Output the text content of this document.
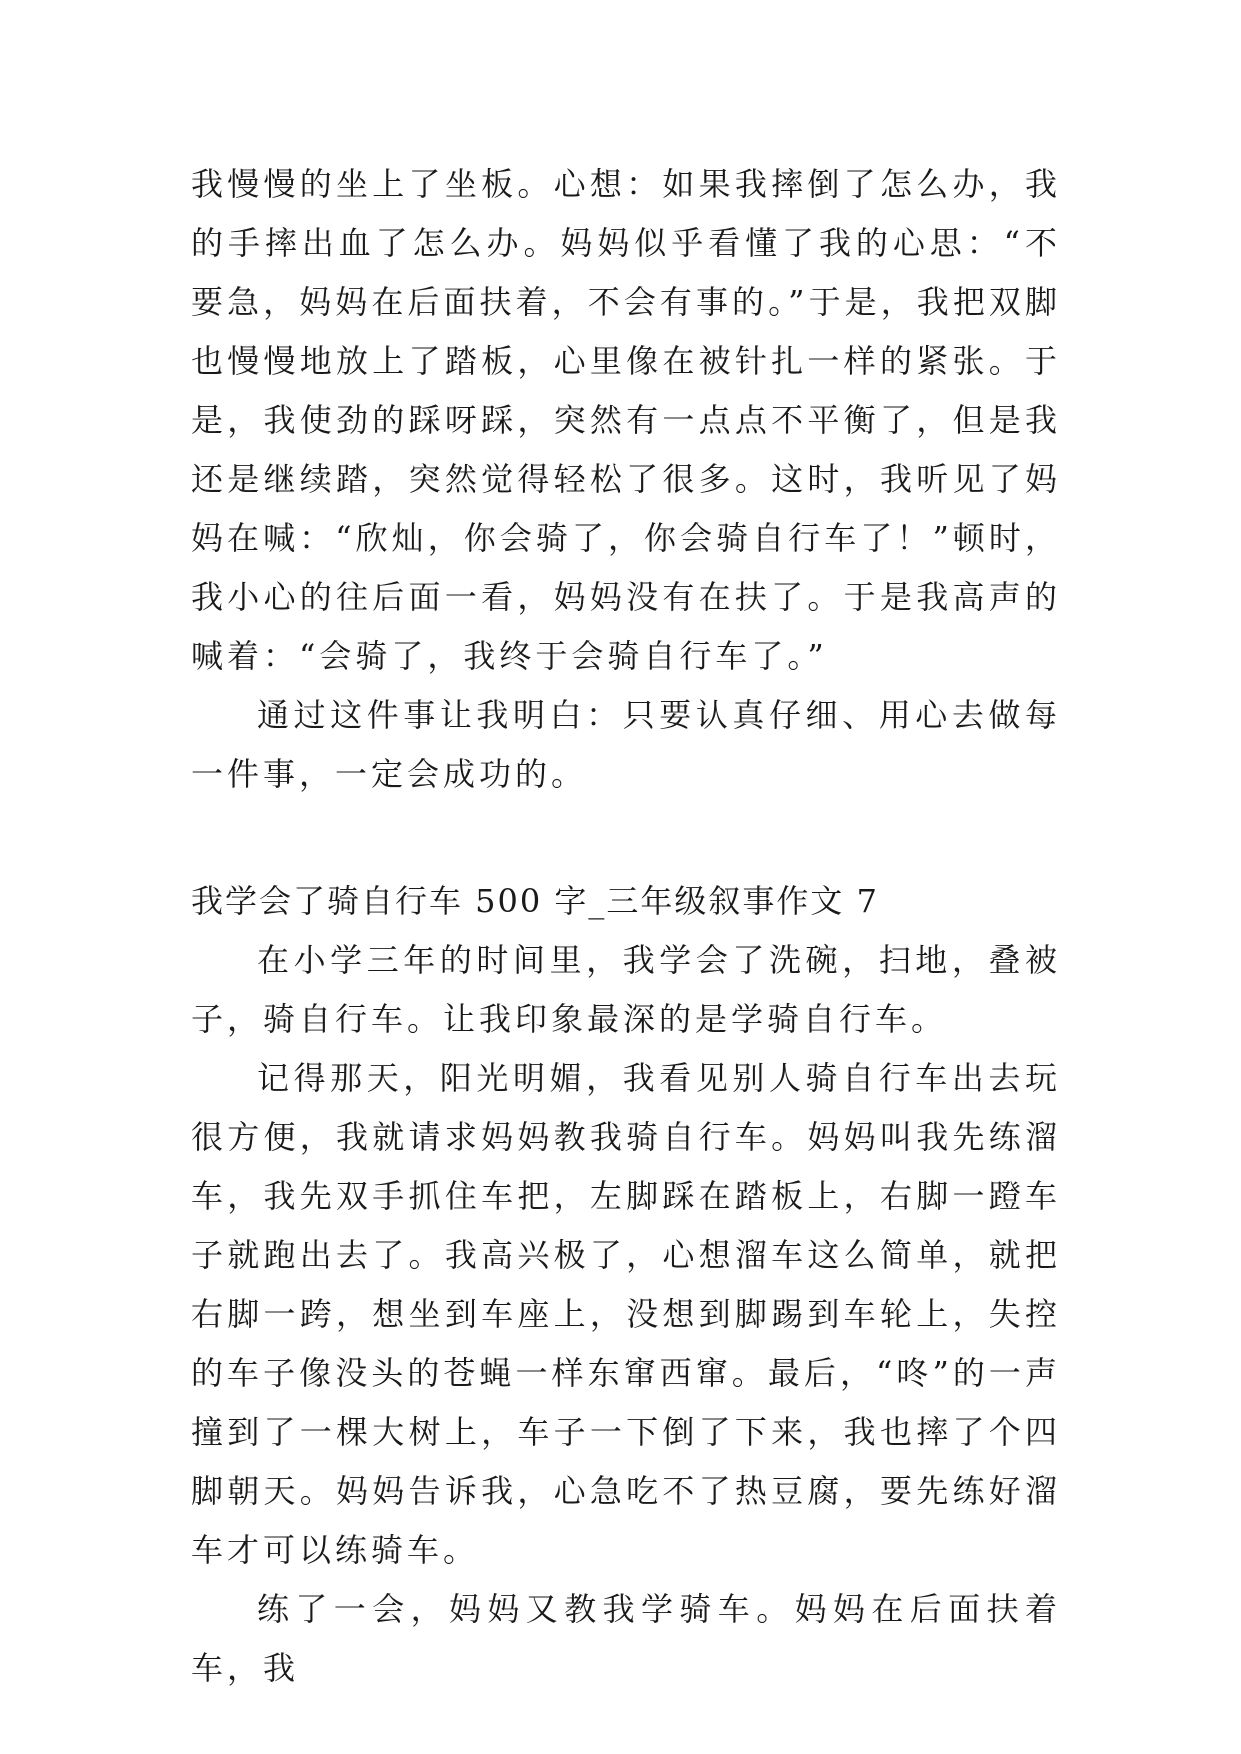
我慢慢的坐上了坐板。心想：如果我摔倒了怎么办，我的手摔出血了怎么办。妈妈似乎看懂了我的心思：“不要急，妈妈在后面扶着，不会有事的。”于是，我把双脚也慢慢地放上了踏板，心里像在被针扎一样的紧张。于是，我使劲的踩呀踩，突然有一点点不平衡了，但是我还是继续踏，突然觉得轻松了很多。这时，我听见了妈妈在喊：“欣灿，你会骑了，你会骑自行车了！”顿时，我小心的往后面一看，妈妈没有在扶了。于是我高声的喊着：“会骑了，我终于会骑自行车了。”

通过这件事让我明白：只要认真仔细、用心去做每一件事，一定会成功的。

我学会了骑自行车 500 字_三年级叙事作文 7

在小学三年的时间里，我学会了洗碗，扫地，叠被子，骑自行车。让我印象最深的是学骑自行车。

记得那天，阳光明媚，我看见别人骑自行车出去玩很方便，我就请求妈妈教我骑自行车。妈妈叫我先练溜车，我先双手抓住车把，左脚踩在踏板上，右脚一蹬车子就跑出去了。我高兴极了，心想溜车这么简单，就把右脚一跨，想坐到车座上，没想到脚踢到车轮上，失控的车子像没头的苍蝇一样东窜西窜。最后，“咚”的一声撞到了一棵大树上，车子一下倒了下来，我也摔了个四脚朝天。妈妈告诉我，心急吃不了热豆腐，要先练好溜车才可以练骑车。

练了一会，妈妈又教我学骑车。妈妈在后面扶着车，我
